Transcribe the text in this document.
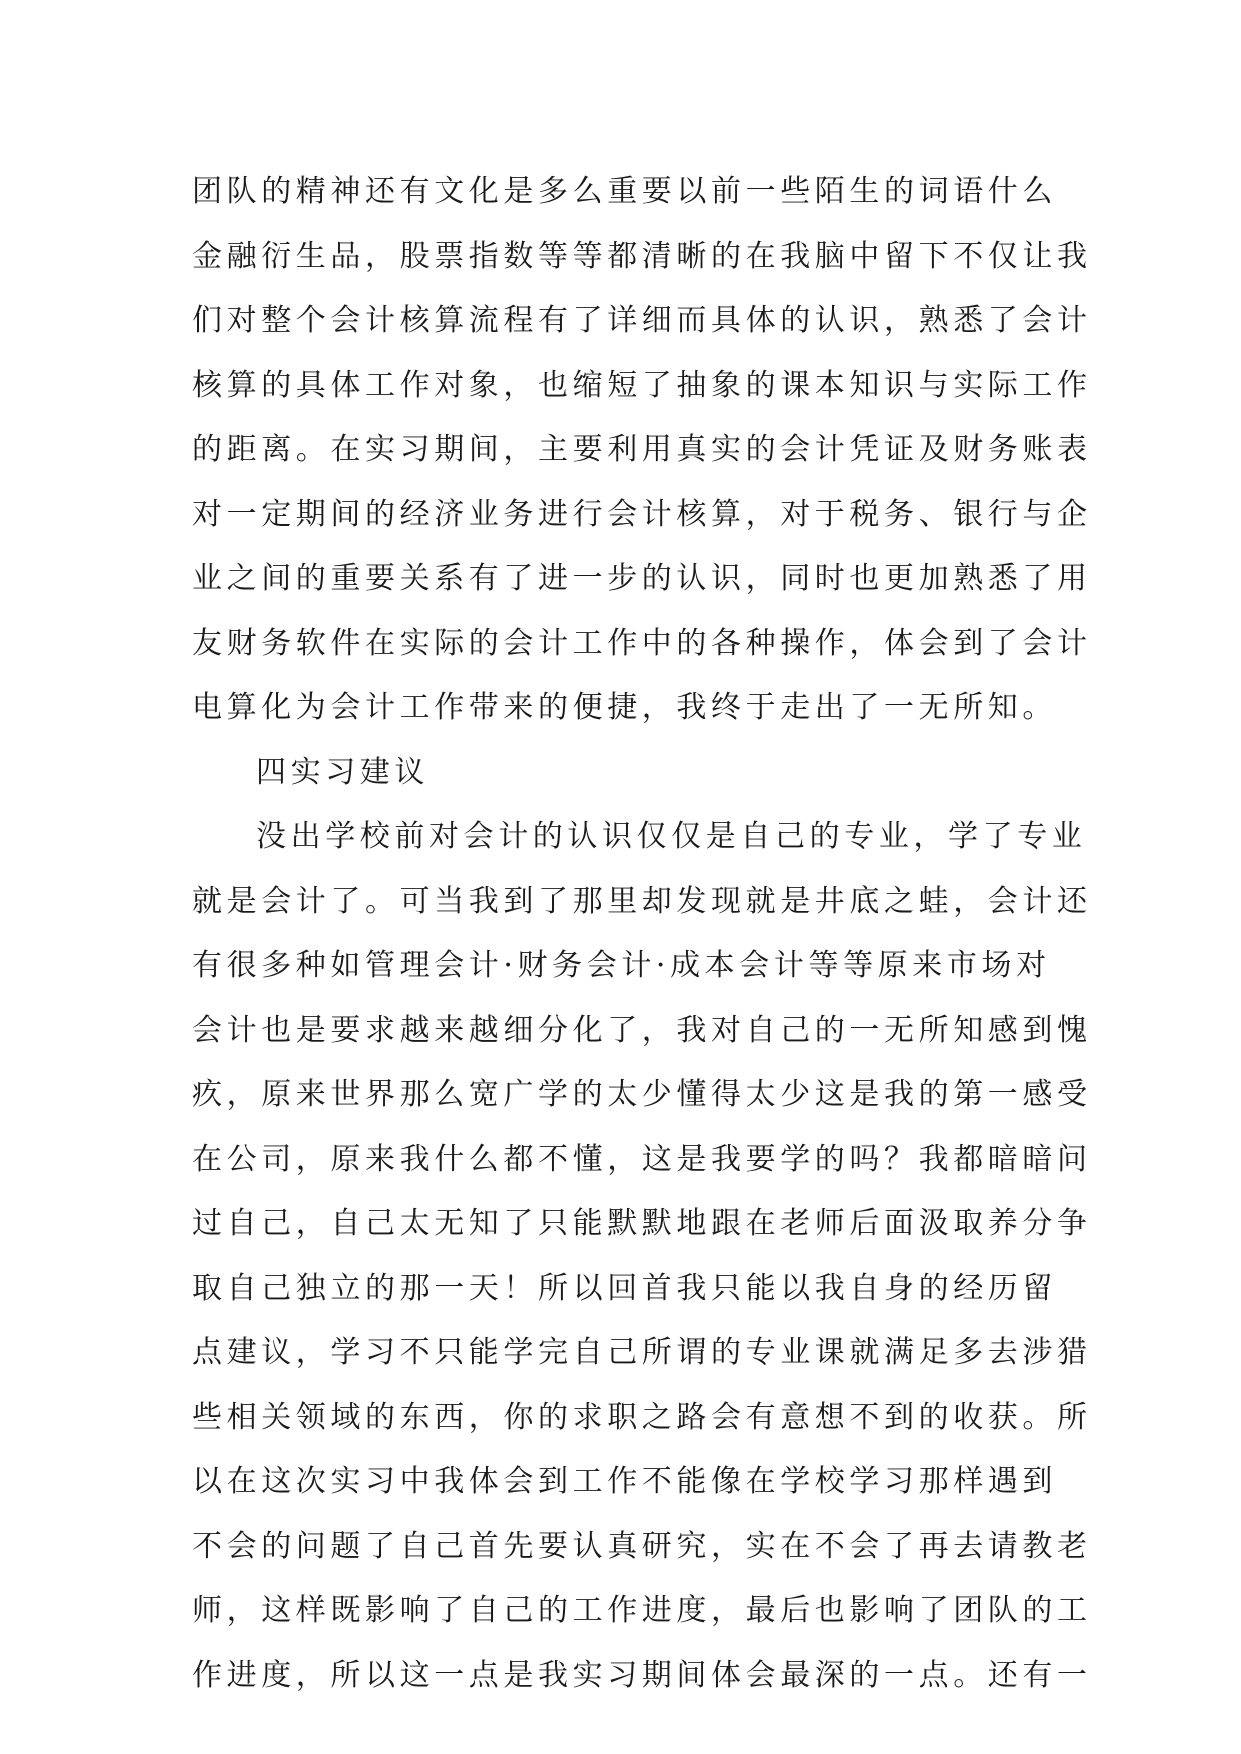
团队的精神还有文化是多么重要以前一些陌生的词语什么
金融衍生品，股票指数等等都清晰的在我脑中留下不仅让我
们对整个会计核算流程有了详细而具体的认识，熟悉了会计
核算的具体工作对象，也缩短了抽象的课本知识与实际工作
的距离。在实习期间，主要利用真实的会计凭证及财务账表
对一定期间的经济业务进行会计核算，对于税务、银行与企
业之间的重要关系有了进一步的认识，同时也更加熟悉了用
友财务软件在实际的会计工作中的各种操作，体会到了会计
电算化为会计工作带来的便捷，我终于走出了一无所知。
四实习建议
没出学校前对会计的认识仅仅是自己的专业，学了专业
就是会计了。可当我到了那里却发现就是井底之蛙，会计还
有很多种如管理会计·财务会计·成本会计等等原来市场对
会计也是要求越来越细分化了，我对自己的一无所知感到愧
疚，原来世界那么宽广学的太少懂得太少这是我的第一感受
在公司，原来我什么都不懂，这是我要学的吗？我都暗暗问
过自己，自己太无知了只能默默地跟在老师后面汲取养分争
取自己独立的那一天！所以回首我只能以我自身的经历留
点建议，学习不只能学完自己所谓的专业课就满足多去涉猎
些相关领域的东西，你的求职之路会有意想不到的收获。所
以在这次实习中我体会到工作不能像在学校学习那样遇到
不会的问题了自己首先要认真研究，实在不会了再去请教老
师，这样既影响了自己的工作进度，最后也影响了团队的工
作进度，所以这一点是我实习期间体会最深的一点。还有一
